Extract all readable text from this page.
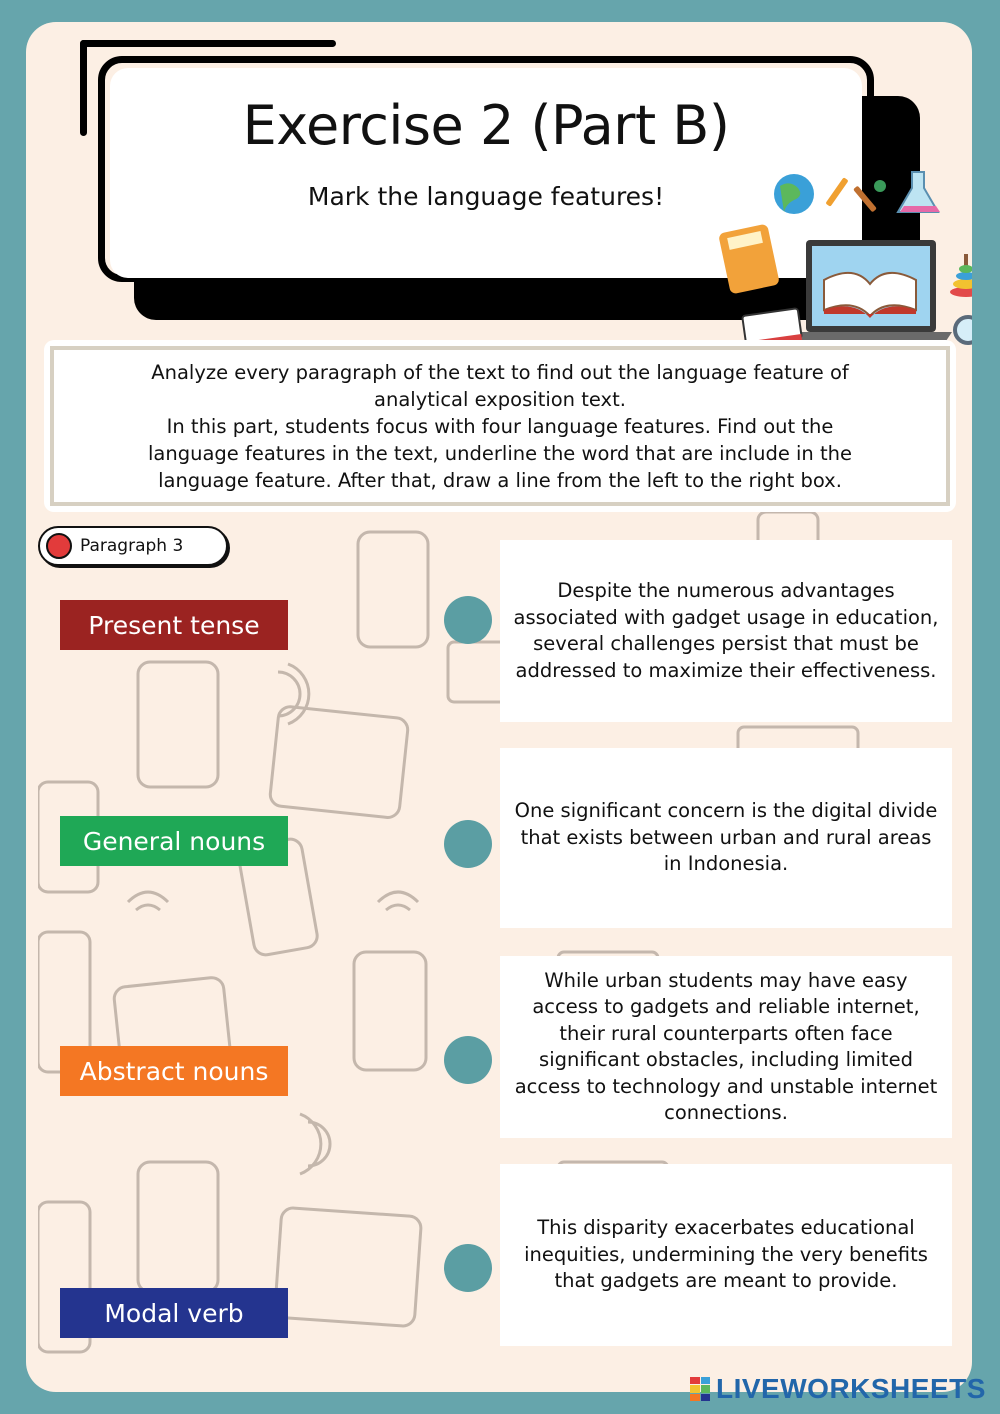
Exercise 2 (Part B)
Mark the language features!
Analyze every paragraph of the text to find out the language feature of
analytical exposition text.
In this part, students focus with four language features. Find out the
language features in the text, underline the word that are include in the
language feature. After that, draw a line from the left to the right box.
Paragraph 3
Present tense
General nouns
Abstract nouns
Modal verb
Despite the numerous advantages associated with gadget usage in education, several challenges persist that must be addressed to maximize their effectiveness.
One significant concern is the digital divide that exists between urban and rural areas in Indonesia.
While urban students may have easy access to gadgets and reliable internet, their rural counterparts often face significant obstacles, including limited access to technology and unstable internet connections.
This disparity exacerbates educational inequities, undermining the very benefits that gadgets are meant to provide.
LIVEWORKSHEETS
